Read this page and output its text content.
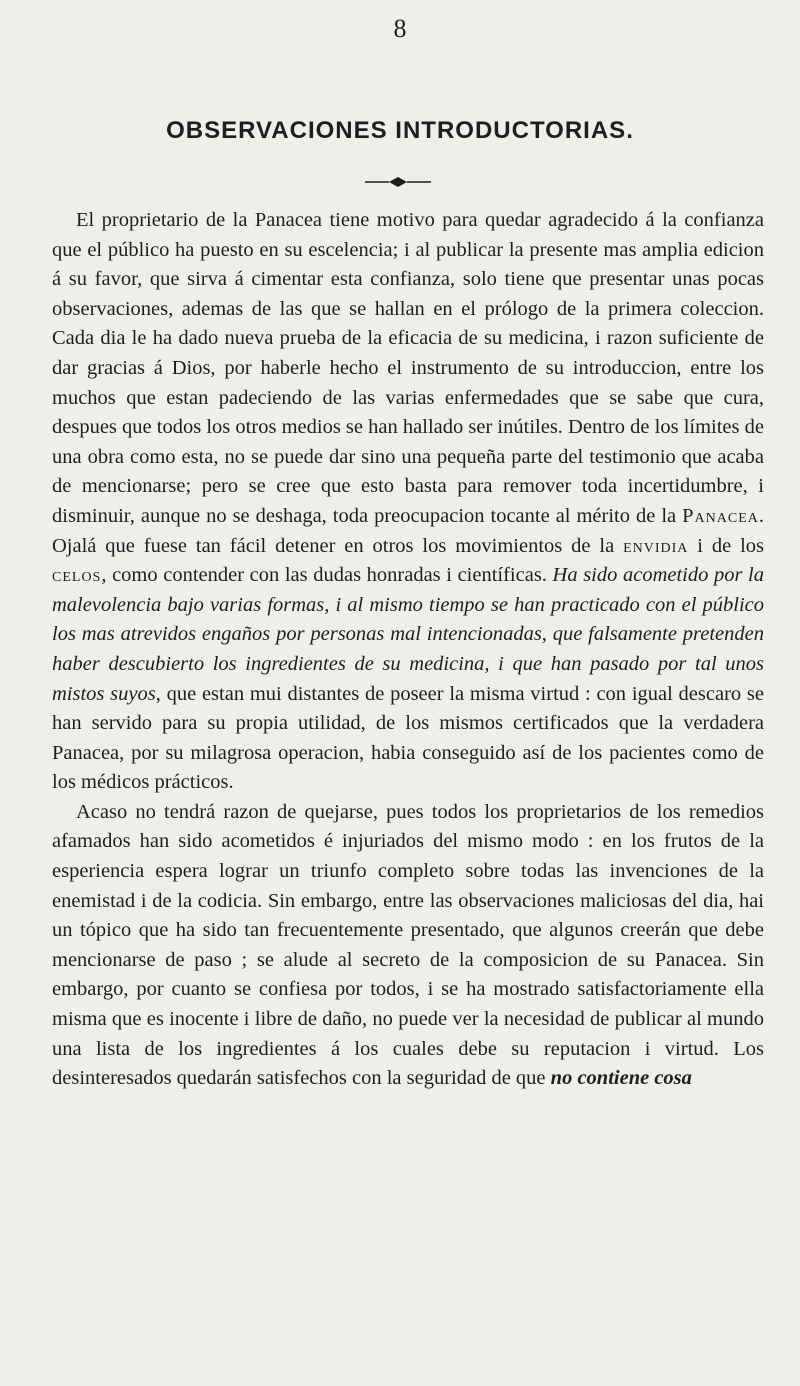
8
OBSERVACIONES INTRODUCTORIAS.

El proprietario de la Panacea tiene motivo para quedar agradecido á la confianza que el público ha puesto en su escelencia; i al publicar la presente mas amplia edicion á su favor, que sirva á cimentar esta confianza, solo tiene que presentar unas pocas observaciones, ademas de las que se hallan en el prólogo de la primera coleccion. Cada dia le ha dado nueva prueba de la eficacia de su medicina, i razon suficiente de dar gracias á Dios, por haberle hecho el instrumento de su introduccion, entre los muchos que estan padeciendo de las varias enfermedades que se sabe que cura, despues que todos los otros medios se han hallado ser inútiles. Dentro de los límites de una obra como esta, no se puede dar sino una pequeña parte del testimonio que acaba de mencionarse; pero se cree que esto basta para remover toda incertidumbre, i disminuir, aunque no se deshaga, toda preocupacion tocante al mérito de la Panacea. Ojalá que fuese tan fácil detener en otros los movimientos de la envidia i de los celos, como contender con las dudas honradas i científicas. Ha sido acometido por la malevolencia bajo varias formas, i al mismo tiempo se han practicado con el público los mas atrevidos engaños por personas mal intencionadas, que falsamente pretenden haber descubierto los ingredientes de su medicina, i que han pasado por tal unos mistos suyos, que estan mui distantes de poseer la misma virtud : con igual descaro se han servido para su propia utilidad, de los mismos certificados que la verdadera Panacea, por su milagrosa operacion, habia conseguido así de los pacientes como de los médicos prácticos.

Acaso no tendrá razon de quejarse, pues todos los proprietarios de los remedios afamados han sido acometidos é injuriados del mismo modo : en los frutos de la esperiencia espera lograr un triunfo completo sobre todas las invenciones de la enemistad i de la codicia. Sin embargo, entre las observaciones maliciosas del dia, hai un tópico que ha sido tan frecuentemente presentado, que algunos creerán que debe mencionarse de paso ; se alude al secreto de la composicion de su Panacea. Sin embargo, por cuanto se confiesa por todos, i se ha mostrado satisfactoriamente ella misma que es inocente i libre de daño, no puede ver la necesidad de publicar al mundo una lista de los ingredientes á los cuales debe su reputacion i virtud. Los desinteresados quedarán satisfechos con la seguridad de que no contiene cosa
